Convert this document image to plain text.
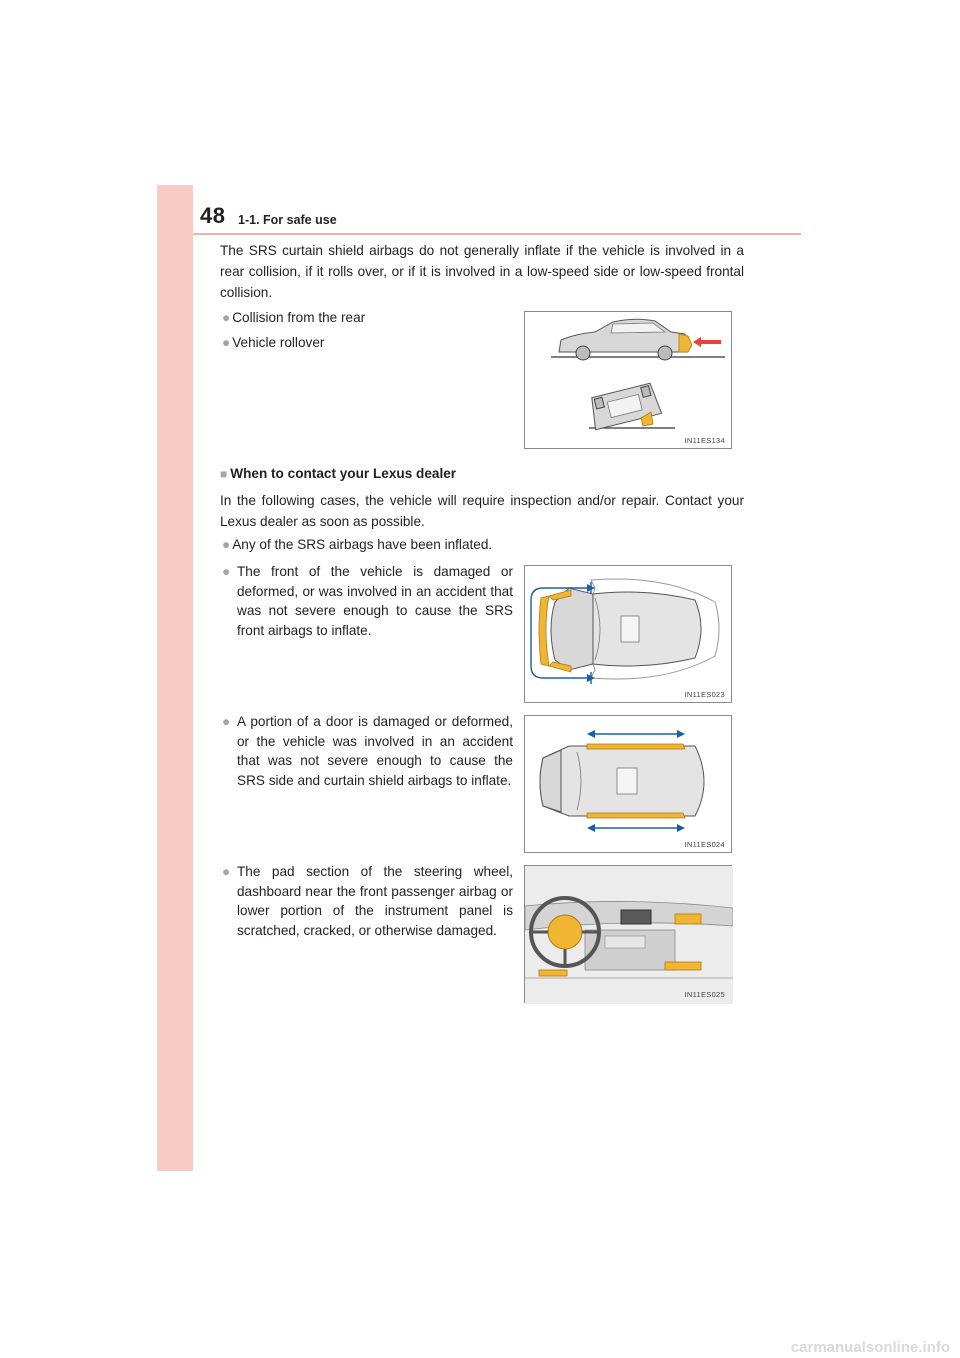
48 1-1. For safe use
The SRS curtain shield airbags do not generally inflate if the vehicle is involved in a rear collision, if it rolls over, or if it is involved in a low-speed side or low-speed frontal collision.
● Collision from the rear
● Vehicle rollover
IN11ES134
■ When to contact your Lexus dealer
In the following cases, the vehicle will require inspection and/or repair. Contact your Lexus dealer as soon as possible.
● Any of the SRS airbags have been inflated.
● The front of the vehicle is damaged or deformed, or was involved in an accident that was not severe enough to cause the SRS front airbags to inflate.
● A portion of a door is damaged or deformed, or the vehicle was involved in an accident that was not severe enough to cause the SRS side and curtain shield airbags to inflate.
● The pad section of the steering wheel, dashboard near the front passenger airbag or lower portion of the instrument panel is scratched, cracked, or otherwise damaged.
IN11ES023
IN11ES024
IN11ES025
carmanualsonline.info
